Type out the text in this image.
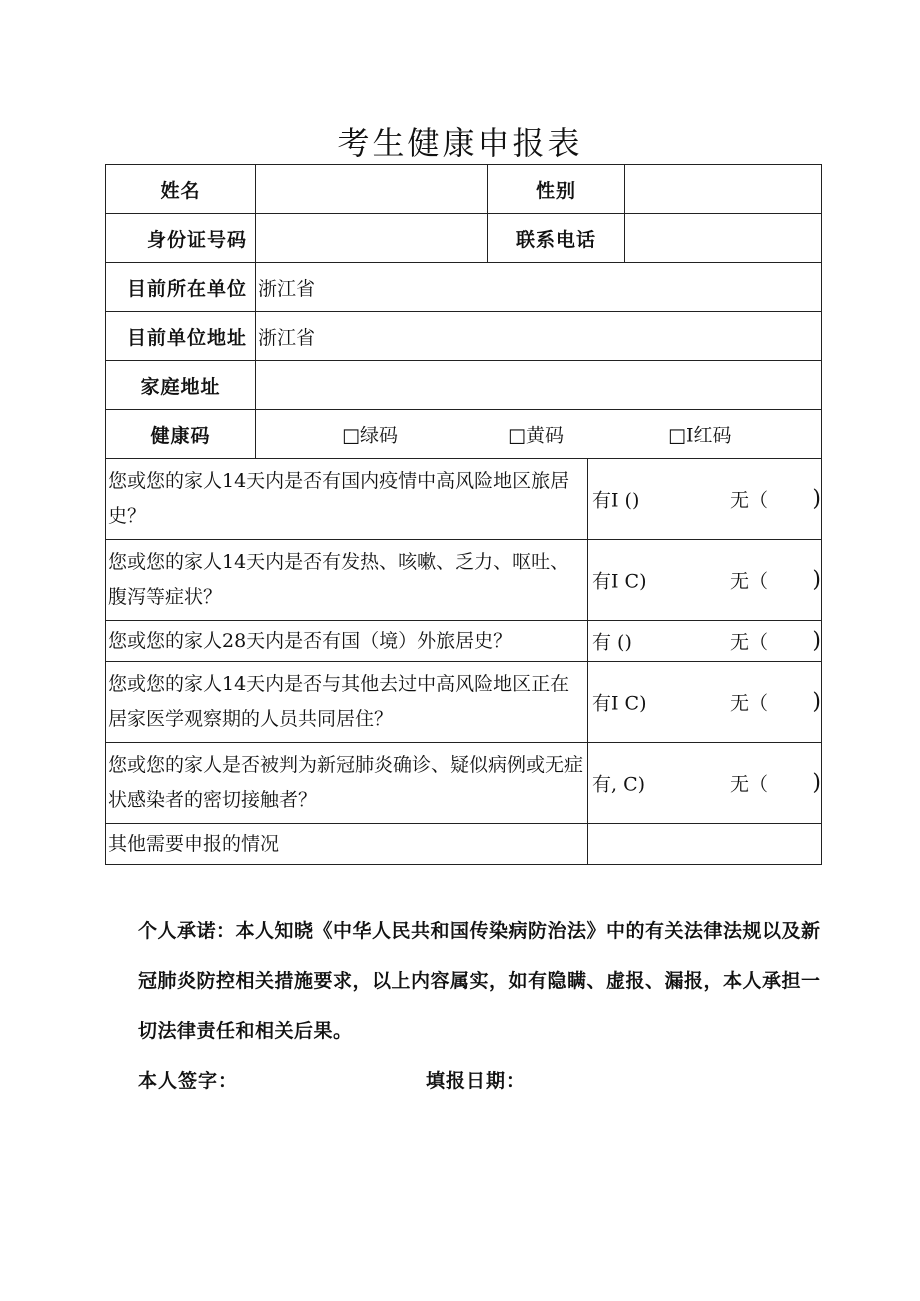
考生健康申报表
姓名		性别		
身份证号码		联系电话		
目前所在单位	浙江省			
目前单位地址	浙江省			
家庭地址				
健康码	□绿码 □黄码 □I红码			

您或您的家人14天内是否有国内疫情中高风险地区旅居史？			有I () 无（ )	

您或您的家人14天内是否有发热、咳嗽、乏力、呕吐、腹泻等症状？			有I C) 无（ )	

您或您的家人28天内是否有国（境）外旅居史？			有 () 无（ )	

您或您的家人14天内是否与其他去过中高风险地区正在居家医学观察期的人员共同居住？			有I C) 无（ )	

您或您的家人是否被判为新冠肺炎确诊、疑似病例或无症状感染者的密切接触者？			有, C) 无（ )	

其他需要申报的情况				
个人承诺：本人知晓《中华人民共和国传染病防治法》中的有关法律法规以及新冠肺炎防控相关措施要求，以上内容属实，如有隐瞒、虚报、漏报，本人承担一切法律责任和相关后果。
本人签字：	填报日期：
